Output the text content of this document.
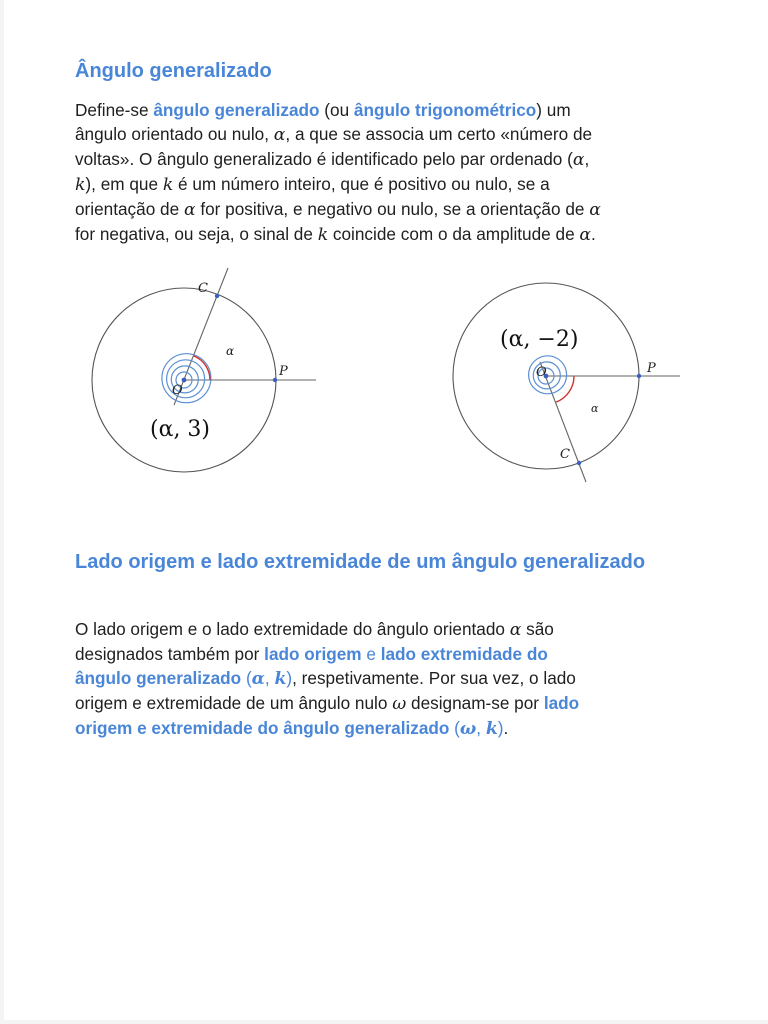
Ângulo generalizado

Define-se ângulo generalizado (ou ângulo trigonométrico) um
ângulo orientado ou nulo, α, a que se associa um certo «número de
voltas». O ângulo generalizado é identificado pelo par ordenado (α,
k), em que k é um número inteiro, que é positivo ou nulo, se a
orientação de α for positiva, e negativo ou nulo, se a orientação de α
for negativa, ou seja, o sinal de k coincide com o da amplitude de α.

C
P
O
α
(α, 3)
C
P
O
α
(α, −2)
Lado origem e lado extremidade de um ângulo generalizado

O lado origem e o lado extremidade do ângulo orientado α são
designados também por lado origem e lado extremidade do
ângulo generalizado (α, k), respetivamente. Por sua vez, o lado
origem e extremidade de um ângulo nulo ω designam-se por lado
origem e extremidade do ângulo generalizado (ω, k).
